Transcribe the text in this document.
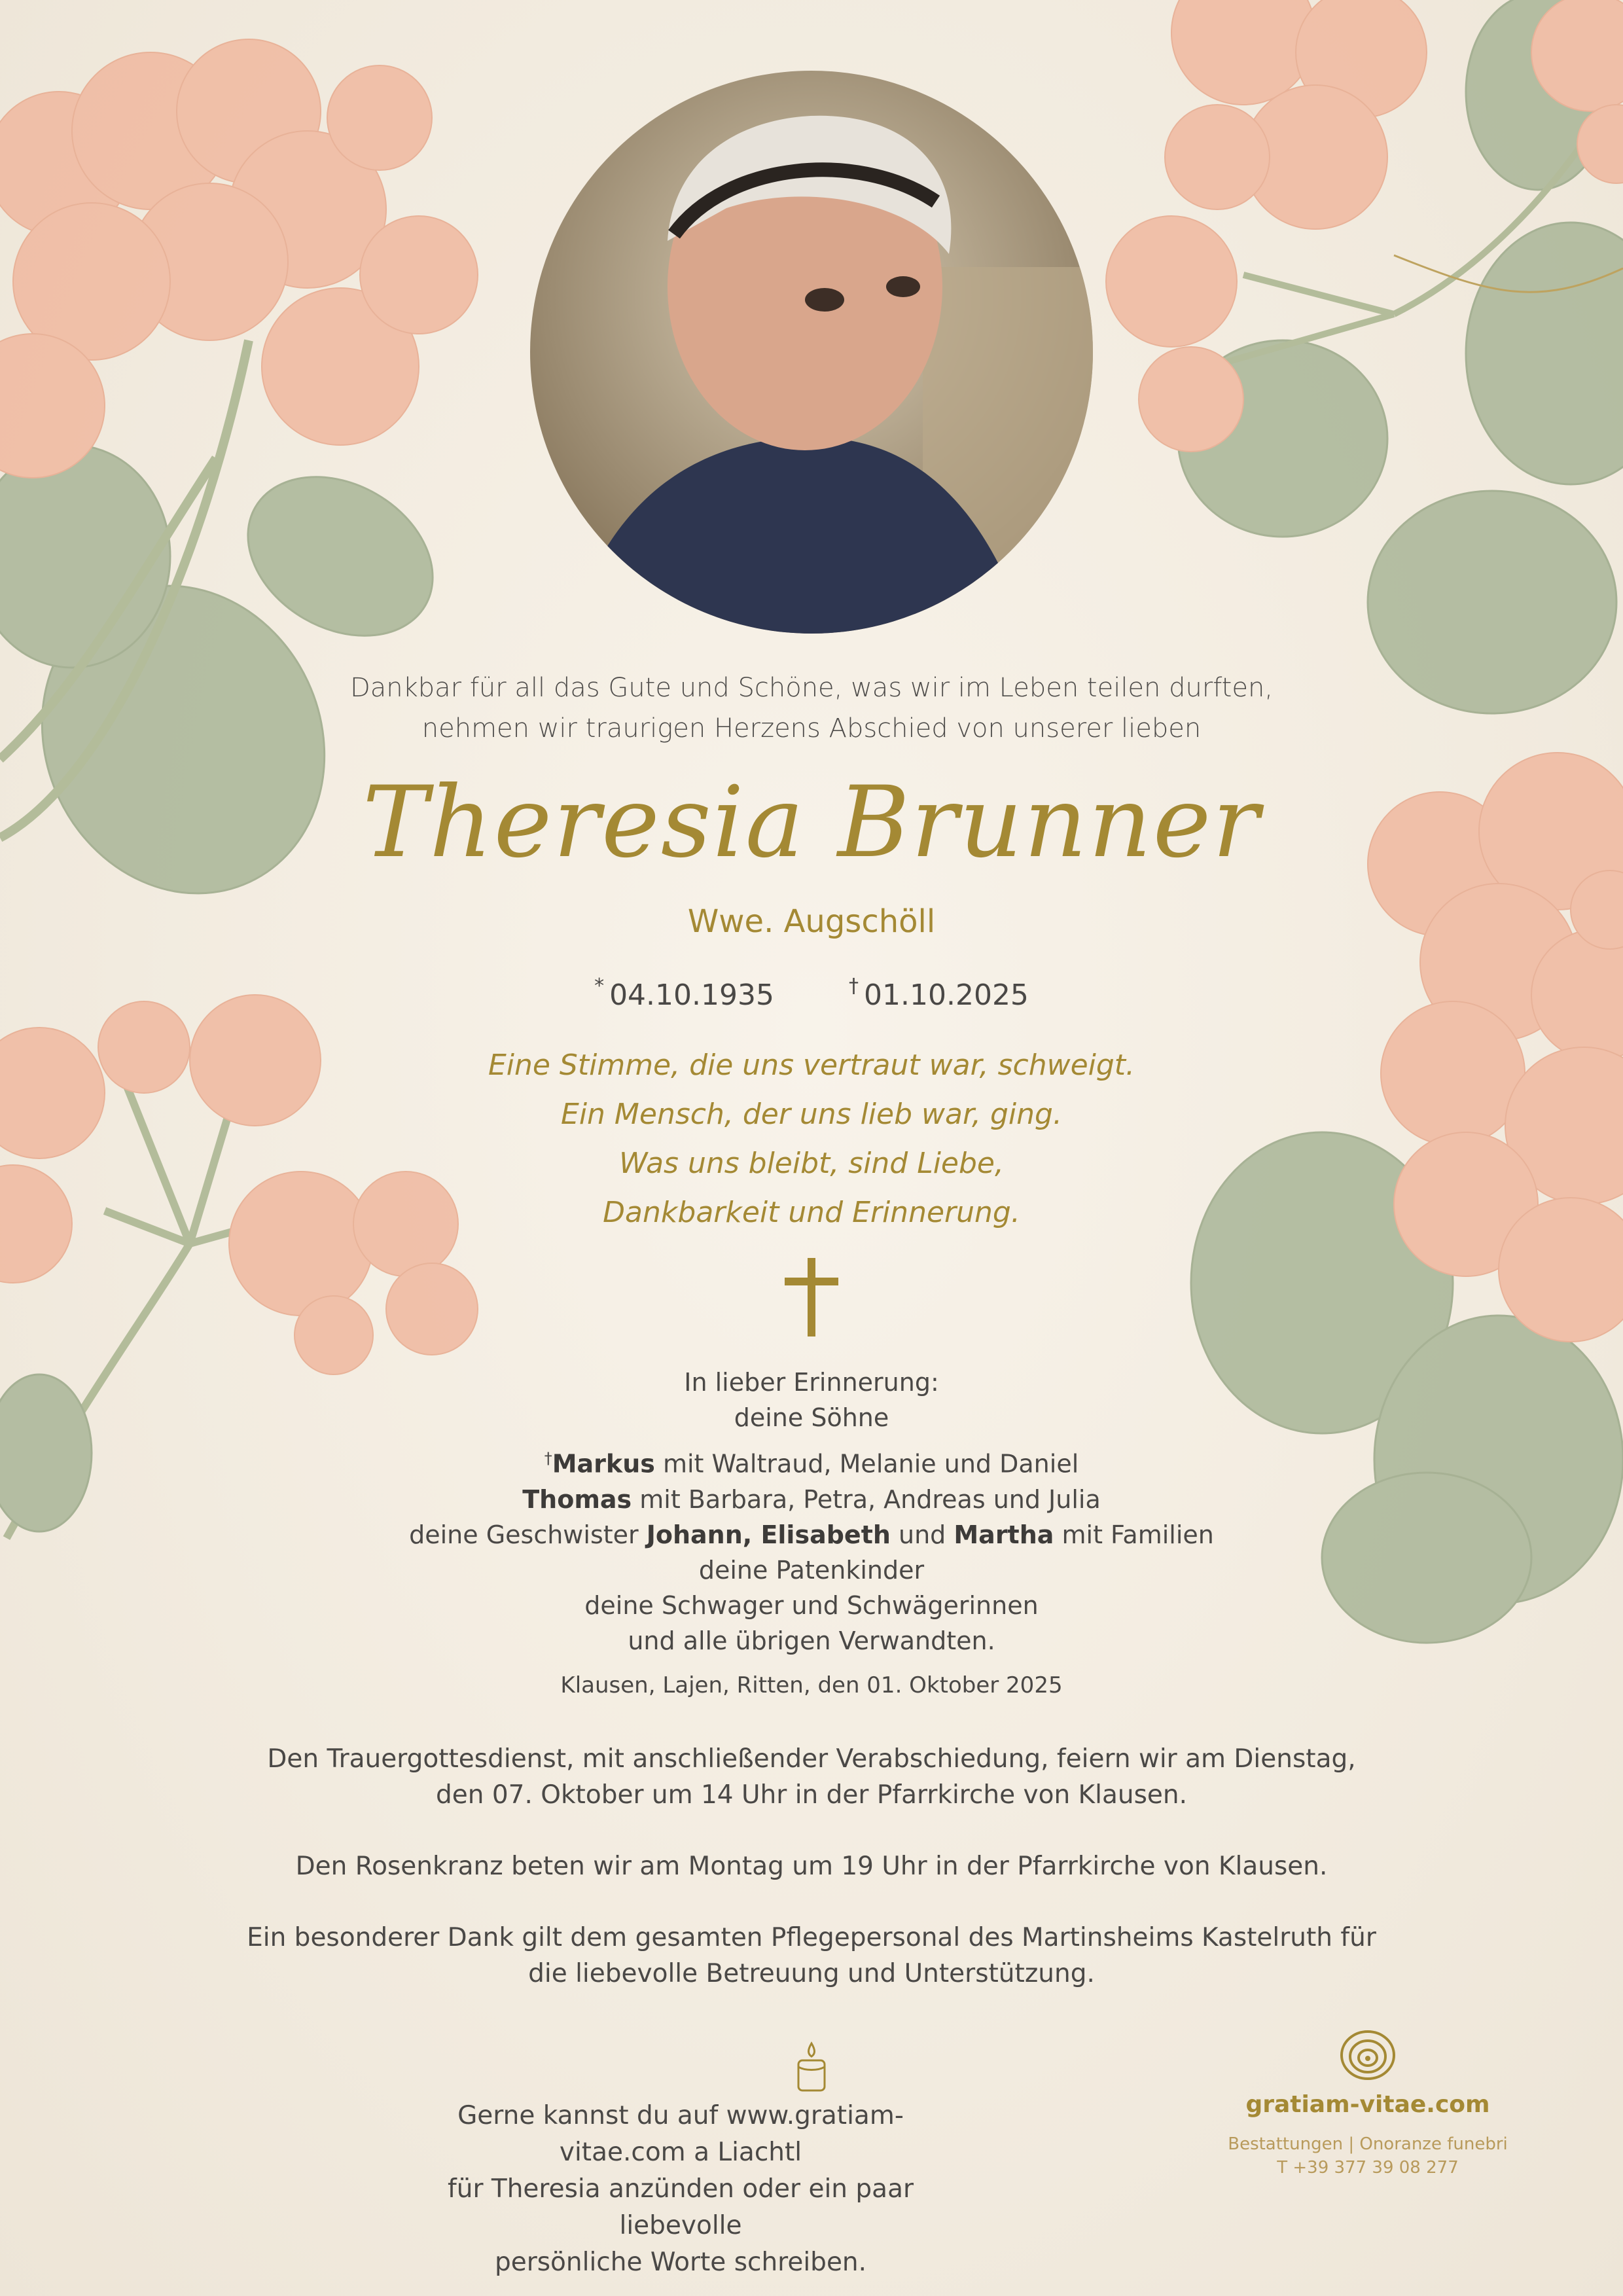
Dankbar für all das Gute und Schöne, was wir im Leben teilen durften,
nehmen wir traurigen Herzens Abschied von unserer lieben
Theresia Brunner
Wwe. Augschöll
* 04.10.1935	† 01.10.2025
Eine Stimme, die uns vertraut war, schweigt.
Ein Mensch, der uns lieb war, ging.
Was uns bleibt, sind Liebe,
Dankbarkeit und Erinnerung.
In lieber Erinnerung:
deine Söhne
†Markus mit Waltraud, Melanie und Daniel
Thomas mit Barbara, Petra, Andreas und Julia
deine Geschwister Johann, Elisabeth und Martha mit Familien
deine Patenkinder
deine Schwager und Schwägerinnen
und alle übrigen Verwandten.
Klausen, Lajen, Ritten, den 01. Oktober 2025

Den Trauergottesdienst, mit anschließender Verabschiedung, feiern wir am Dienstag,
den 07. Oktober um 14 Uhr in der Pfarrkirche von Klausen.

Den Rosenkranz beten wir am Montag um 19 Uhr in der Pfarrkirche von Klausen.

Ein besonderer Dank gilt dem gesamten Pflegepersonal des Martinsheims Kastelruth für
die liebevolle Betreuung und Unterstützung.

Gerne kannst du auf www.gratiam-vitae.com a Liachtl
für Theresia anzünden oder ein paar liebevolle
persönliche Worte schreiben.
gratiam-vitae.com
Bestattungen | Onoranze funebri
T +39 377 39 08 277
